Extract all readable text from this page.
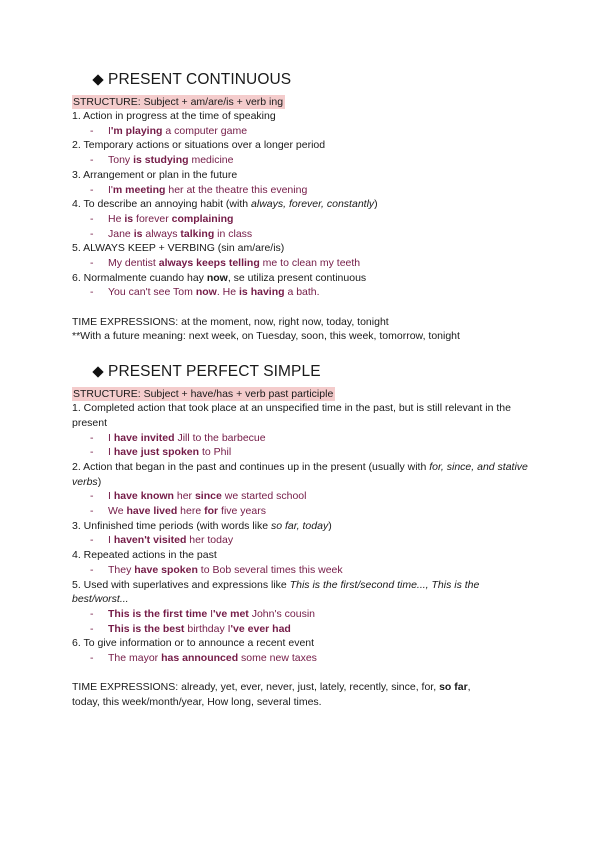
PRESENT CONTINUOUS
STRUCTURE: Subject + am/are/is + verb ing
1. Action in progress at the time of speaking
- I'm playing a computer game
2. Temporary actions or situations over a longer period
- Tony is studying medicine
3. Arrangement or plan in the future
- I'm meeting her at the theatre this evening
4. To describe an annoying habit (with always, forever, constantly)
- He is forever complaining
- Jane is always talking in class
5. ALWAYS KEEP + VERBING (sin am/are/is)
- My dentist always keeps telling me to clean my teeth
6. Normalmente cuando hay now, se utiliza present continuous
- You can't see Tom now. He is having a bath.
TIME EXPRESSIONS: at the moment, now, right now, today, tonight
**With a future meaning: next week, on Tuesday, soon, this week, tomorrow, tonight
PRESENT PERFECT SIMPLE
STRUCTURE: Subject + have/has + verb past participle
1. Completed action that took place at an unspecified time in the past, but is still relevant in the present
- I have invited Jill to the barbecue
- I have just spoken to Phil
2. Action that began in the past and continues up in the present (usually with for, since, and stative verbs)
- I have known her since we started school
- We have lived here for five years
3. Unfinished time periods (with words like so far, today)
- I haven't visited her today
4. Repeated actions in the past
- They have spoken to Bob several times this week
5. Used with superlatives and expressions like This is the first/second time..., This is the best/worst...
- This is the first time I've met John's cousin
- This is the best birthday I've ever had
6. To give information or to announce a recent event
- The mayor has announced some new taxes
TIME EXPRESSIONS: already, yet, ever, never, just, lately, recently, since, for, so far,
today, this week/month/year, How long, several times.
